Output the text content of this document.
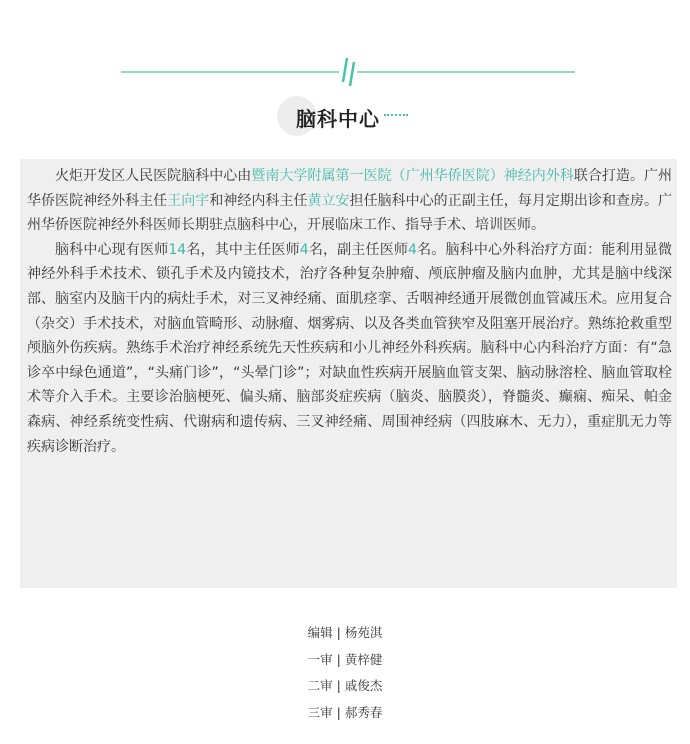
脑科中心

火炬开发区人民医院脑科中心由暨南大学附属第一医院（广州华侨医院）神经内外科联合打造。广州华侨医院神经外科主任王向宇和神经内科主任黄立安担任脑科中心的正副主任，每月定期出诊和查房。广州华侨医院神经外科医师长期驻点脑科中心，开展临床工作、指导手术、培训医师。

脑科中心现有医师14名，其中主任医师4名，副主任医师4名。脑科中心外科治疗方面：能利用显微神经外科手术技术、锁孔手术及内镜技术，治疗各种复杂肿瘤、颅底肿瘤及脑内血肿，尤其是脑中线深部、脑室内及脑干内的病灶手术，对三叉神经痛、面肌痉挛、舌咽神经通开展微创血管减压术。应用复合（杂交）手术技术，对脑血管畸形、动脉瘤、烟雾病、以及各类血管狭窄及阻塞开展治疗。熟练抢救重型颅脑外伤疾病。熟练手术治疗神经系统先天性疾病和小儿神经外科疾病。脑科中心内科治疗方面：有“急诊卒中绿色通道”，“头痛门诊”，“头晕门诊”；对缺血性疾病开展脑血管支架、脑动脉溶栓、脑血管取栓术等介入手术。主要诊治脑梗死、偏头痛、脑部炎症疾病（脑炎、脑膜炎），脊髓炎、癫痫、痴呆、帕金森病、神经系统变性病、代谢病和遗传病、三叉神经痛、周围神经病（四肢麻木、无力），重症肌无力等疾病诊断治疗。

编辑 | 杨苑淇
一审 | 黄梓健
二审 | 戚俊杰
三审 | 郝秀春
